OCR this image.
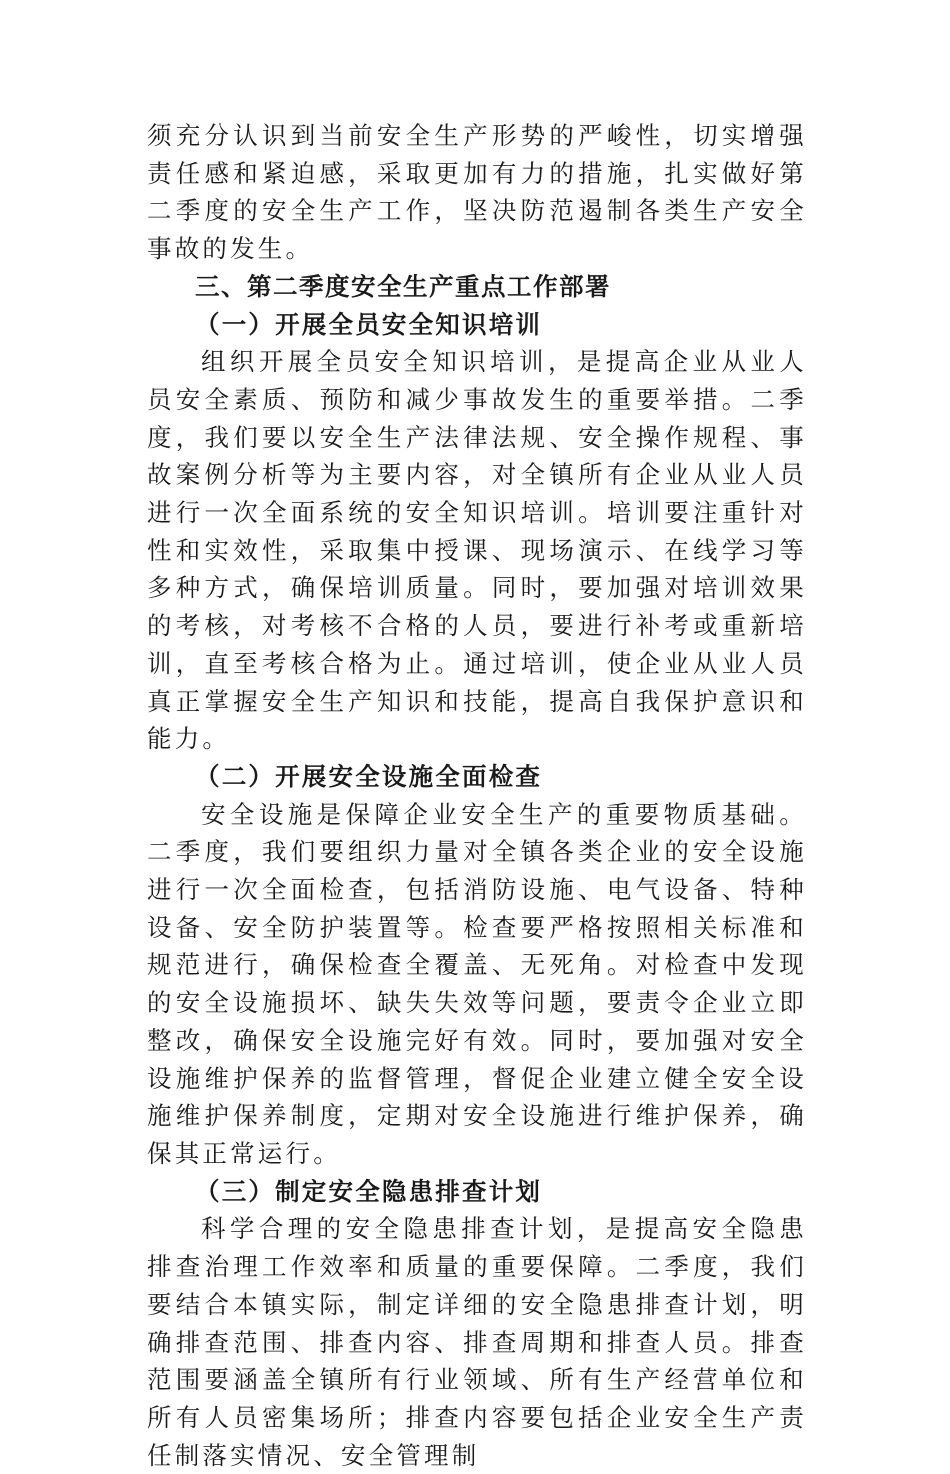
须充分认识到当前安全生产形势的严峻性，切实增强责任感和紧迫感，采取更加有力的措施，扎实做好第二季度的安全生产工作，坚决防范遏制各类生产安全事故的发生。

三、第二季度安全生产重点工作部署

（一）开展全员安全知识培训

组织开展全员安全知识培训，是提高企业从业人员安全素质、预防和减少事故发生的重要举措。二季度，我们要以安全生产法律法规、安全操作规程、事故案例分析等为主要内容，对全镇所有企业从业人员进行一次全面系统的安全知识培训。培训要注重针对性和实效性，采取集中授课、现场演示、在线学习等多种方式，确保培训质量。同时，要加强对培训效果的考核，对考核不合格的人员，要进行补考或重新培训，直至考核合格为止。通过培训，使企业从业人员真正掌握安全生产知识和技能，提高自我保护意识和能力。

（二）开展安全设施全面检查

安全设施是保障企业安全生产的重要物质基础。二季度，我们要组织力量对全镇各类企业的安全设施进行一次全面检查，包括消防设施、电气设备、特种设备、安全防护装置等。检查要严格按照相关标准和规范进行，确保检查全覆盖、无死角。对检查中发现的安全设施损坏、缺失失效等问题，要责令企业立即整改，确保安全设施完好有效。同时，要加强对安全设施维护保养的监督管理，督促企业建立健全安全设施维护保养制度，定期对安全设施进行维护保养，确保其正常运行。

（三）制定安全隐患排查计划

科学合理的安全隐患排查计划，是提高安全隐患排查治理工作效率和质量的重要保障。二季度，我们要结合本镇实际，制定详细的安全隐患排查计划，明确排查范围、排查内容、排查周期和排查人员。排查范围要涵盖全镇所有行业领域、所有生产经营单位和所有人员密集场所；排查内容要包括企业安全生产责任制落实情况、安全管理制
